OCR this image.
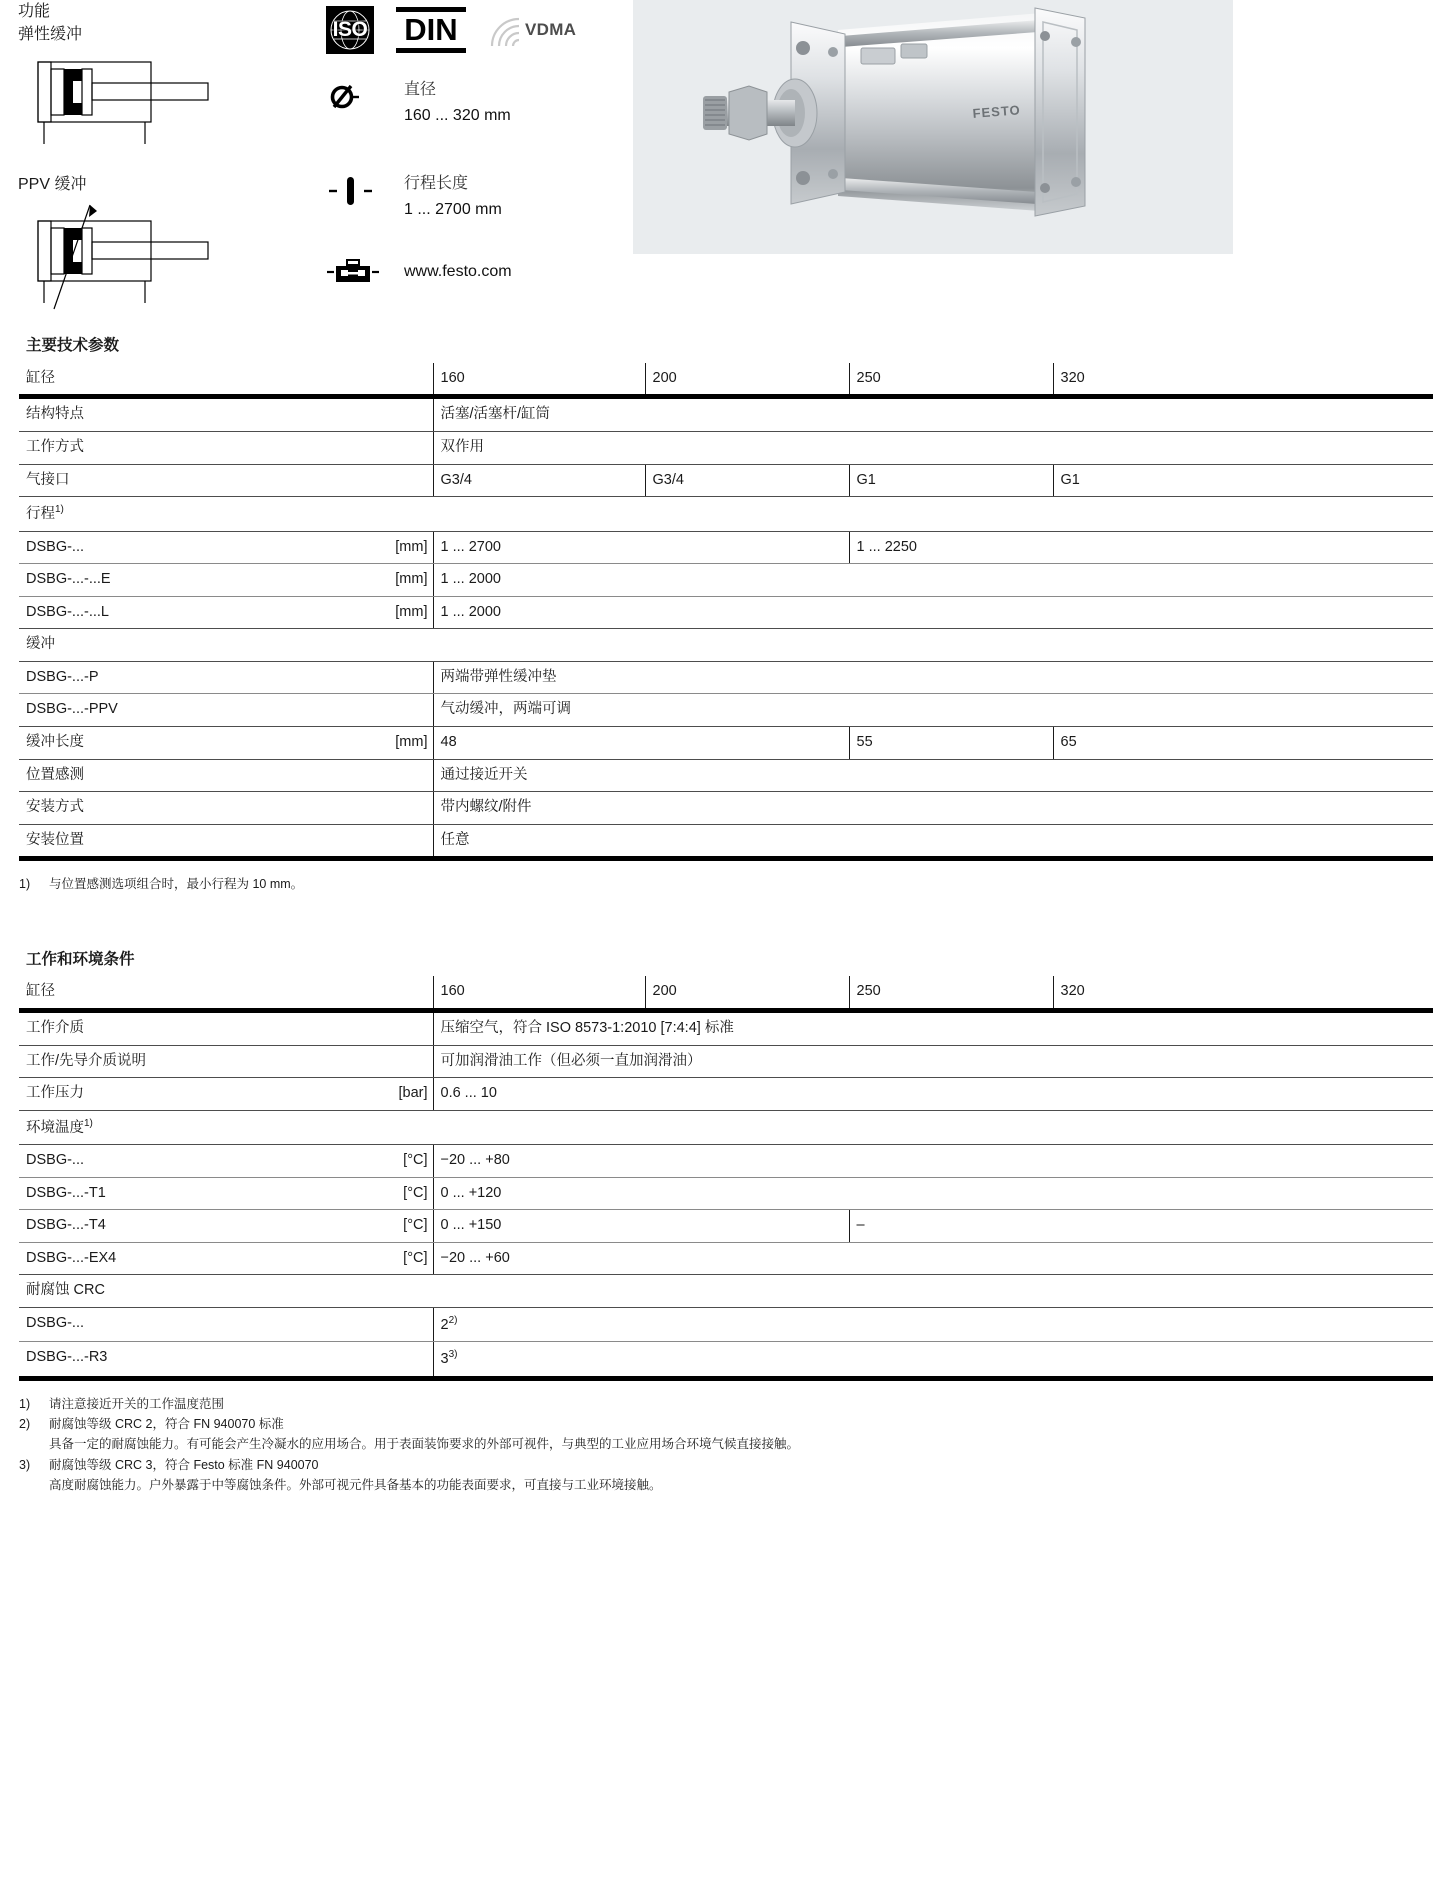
功能
弹性缓冲
PPV 缓冲
ISO DIN	VDMA
直径
160 ... 320 mm
行程长度
1 ... 2700 mm
www.festo.com
FESTO
主要技术参数					
缸径		160	200	250	320
结构特点		活塞/活塞杆/缸筒			
工作方式		双作用			
气接口		G3/4	G3/4	G1	G1
行程$^{1)}$
DSBG-...	[mm]	1 ... 2700		1 ... 2250	
DSBG-...-...E	[mm]	1 ... 2000			
DSBG-...-...L	[mm]	1 ... 2000			
缓冲					
DSBG-...-P		两端带弹性缓冲垫			
DSBG-...-PPV		气动缓冲，两端可调			
缓冲长度	[mm]	48		55	65
位置感测		通过接近开关			
安装方式		带内螺纹/附件			
安装位置		任意			
1)	与位置感测选项组合时，最小行程为 10 mm。
工作和环境条件					
缸径		160	200	250	320
工作介质		压缩空气，符合 ISO 8573-1:2010 [7:4:4] 标准			
工作/先导介质说明		可加润滑油工作（但必须一直加润滑油）			
工作压力	[bar]	0.6 ... 10			
环境温度$^{1)}$
DSBG-...	[°C]	−20 ... +80			
DSBG-...-T1	[°C]	0 ... +120			
DSBG-...-T4	[°C]	0 ... +150		–	
DSBG-...-EX4	[°C]	−20 ... +60			
耐腐蚀 CRC					
DSBG-...		2$^{2)}$
DSBG-...-R3		3$^{3)}$
1)	请注意接近开关的工作温度范围
2)	耐腐蚀等级 CRC 2，符合 FN 940070 标准
具备一定的耐腐蚀能力。有可能会产生冷凝水的应用场合。用于表面装饰要求的外部可视件，与典型的工业应用场合环境气候直接接触。
3)	耐腐蚀等级 CRC 3，符合 Festo 标准 FN 940070
高度耐腐蚀能力。户外暴露于中等腐蚀条件。外部可视元件具备基本的功能表面要求，可直接与工业环境接触。
